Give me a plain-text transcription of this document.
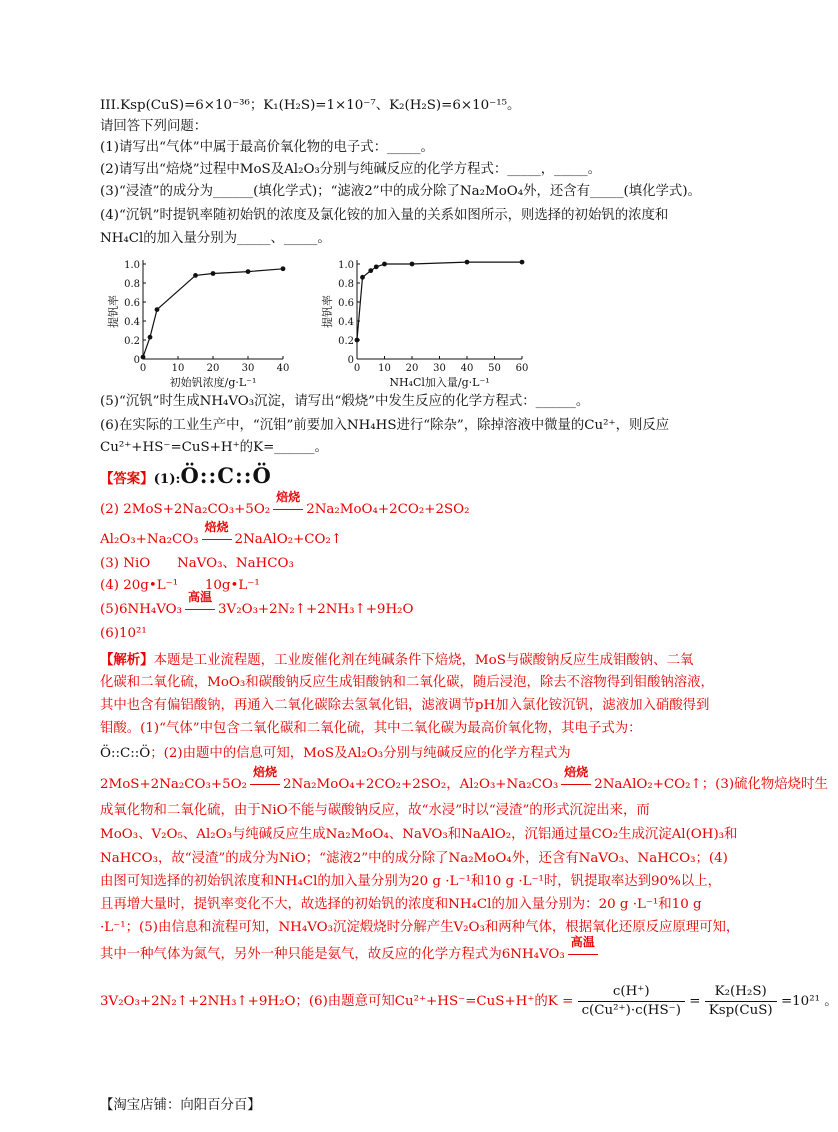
III.Ksp(CuS)=6×10⁻³⁶；K₁(H₂S)=1×10⁻⁷、K₂(H₂S)=6×10⁻¹⁵。
请回答下列问题：
(1)请写出“气体”中属于最高价氧化物的电子式：_____。
(2)请写出“焙烧”过程中MoS及Al₂O₃分别与纯碱反应的化学方程式：_____，_____。
(3)“浸渣”的成分为______(填化学式)；“滤液2”中的成分除了Na₂MoO₄外，还含有_____(填化学式)。
(4)“沉钒”时提钒率随初始钒的浓度及氯化铵的加入量的关系如图所示，则选择的初始钒的浓度和
NH₄Cl的加入量分别为_____、_____。
0	10 20 30 40
0
0.2
0.4
0.6
0.8
1.0
初始钒浓度/g·L⁻¹
提钒率
0 10 20 30 40 50 60
0
0.2
0.4
0.6
0.8
1.0
NH₄Cl加入量/g·L⁻¹
提钒率
(5)“沉钒”时生成NH₄VO₃沉淀，请写出“煅烧”中发生反应的化学方程式：______。
(6)在实际的工业生产中，“沉钼”前要加入NH₄HS进行“除杂”，除掉溶液中微量的Cu²⁺，则反应
Cu²⁺+HS⁻=CuS+H⁺的K=______。
【答案】(1):Ö::C::Ö
(2) 2MoS+2Na₂CO₃+5O₂
焙烧
2Na₂MoO₄+2CO₂+2SO₂
Al₂O₃+Na₂CO₃
焙烧
2NaAlO₂+CO₂↑
(3) NiO　　NaVO₃、NaHCO₃
(4) 20g•L⁻¹　　10g•L⁻¹
(5)6NH₄VO₃
高温
3V₂O₃+2N₂↑+2NH₃↑+9H₂O
(6)10²¹
【解析】本题是工业流程题，工业废催化剂在纯碱条件下焙烧，MoS与碳酸钠反应生成钼酸钠、二氧
化碳和二氧化硫，MoO₃和碳酸钠反应生成钼酸钠和二氧化碳，随后浸泡，除去不溶物得到钼酸钠溶液，
其中也含有偏铝酸钠，再通入二氧化碳除去氢氧化铝，滤液调节pH加入氯化铵沉钒，滤液加入硝酸得到
钼酸。(1)“气体”中包含二氧化碳和二氧化硫，其中二氧化碳为最高价氧化物，其电子式为：
Ö::C::Ö；(2)由题中的信息可知，MoS及Al₂O₃分别与纯碱反应的化学方程式为
2MoS+2Na₂CO₃+5O₂
焙烧
2Na₂MoO₄+2CO₂+2SO₂，Al₂O₃+Na₂CO₃
焙烧
2NaAlO₂+CO₂↑；(3)硫化物焙烧时生
成氧化物和二氧化硫，由于NiO不能与碳酸钠反应，故“水浸”时以“浸渣”的形式沉淀出来，而
MoO₃、V₂O₅、Al₂O₃与纯碱反应生成Na₂MoO₄、NaVO₃和NaAlO₂，沉铝通过量CO₂生成沉淀Al(OH)₃和
NaHCO₃，故“浸渣”的成分为NiO；“滤液2”中的成分除了Na₂MoO₄外，还含有NaVO₃、NaHCO₃；(4)
由图可知选择的初始钒浓度和NH₄Cl的加入量分别为20 g ·L⁻¹和10 g ·L⁻¹时，钒提取率达到90%以上，
且再增大量时，提钒率变化不大，故选择的初始钒的浓度和NH₄Cl的加入量分别为：20 g ·L⁻¹和10 g
·L⁻¹；(5)由信息和流程可知，NH₄VO₃沉淀煅烧时分解产生V₂O₃和两种气体，根据氧化还原反应原理可知，
其中一种气体为氮气，另外一种只能是氨气，故反应的化学方程式为6NH₄VO₃
高温
3V₂O₃+2N₂↑+2NH₃↑+9H₂O；(6)由题意可知Cu²⁺+HS⁻=CuS+H⁺的$K = \frac{c(H^+)}{\text{c(Cu²⁺)·c(HS⁻)}} = \frac{\text{K₂(H₂S)}}{\text{Ksp(CuS)}} =10^{21}$ 。
【淘宝店铺：向阳百分百】
